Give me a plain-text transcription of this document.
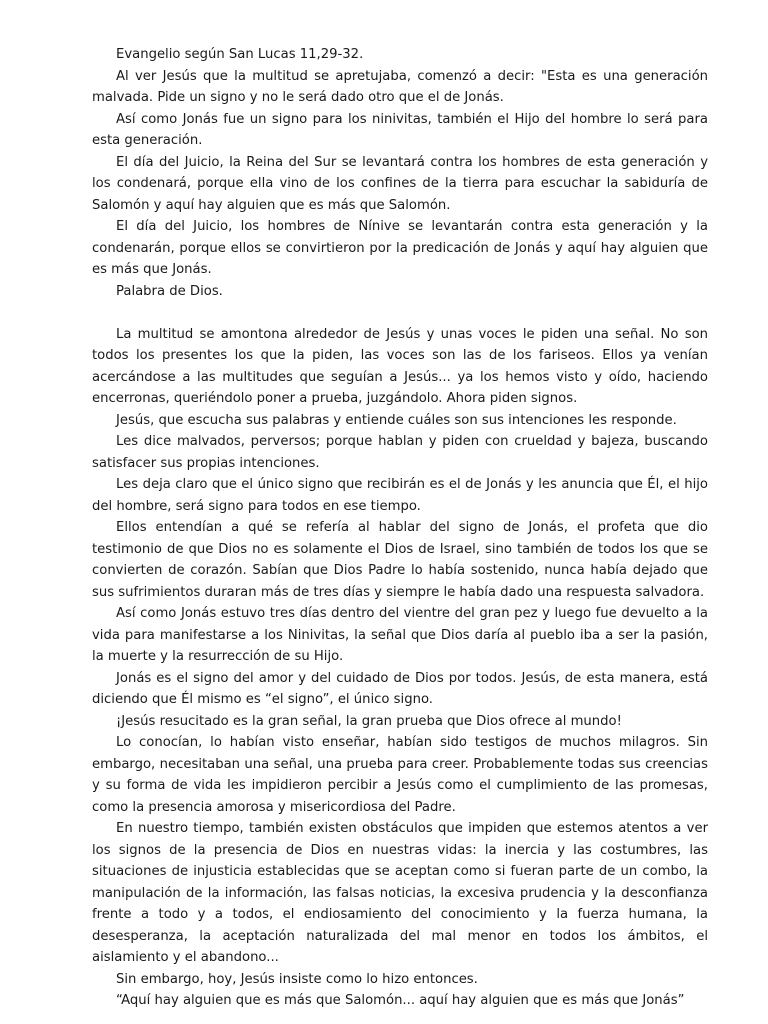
Evangelio según San Lucas 11,29-32.

Al ver Jesús que la multitud se apretujaba, comenzó a decir: "Esta es una generación malvada. Pide un signo y no le será dado otro que el de Jonás.

Así como Jonás fue un signo para los ninivitas, también el Hijo del hombre lo será para esta generación.

El día del Juicio, la Reina del Sur se levantará contra los hombres de esta generación y los condenará, porque ella vino de los confines de la tierra para escuchar la sabiduría de Salomón y aquí hay alguien que es más que Salomón.

El día del Juicio, los hombres de Nínive se levantarán contra esta generación y la condenarán, porque ellos se convirtieron por la predicación de Jonás y aquí hay alguien que es más que Jonás.

Palabra de Dios.

La multitud se amontona alrededor de Jesús y unas voces le piden una señal. No son todos los presentes los que la piden, las voces son las de los fariseos. Ellos ya venían acercándose a las multitudes que seguían a Jesús... ya los hemos visto y oído, haciendo encerronas, queriéndolo poner a prueba, juzgándolo. Ahora piden signos.

Jesús, que escucha sus palabras y entiende cuáles son sus intenciones les responde.

Les dice malvados, perversos; porque hablan y piden con crueldad y bajeza, buscando satisfacer sus propias intenciones.

Les deja claro que el único signo que recibirán es el de Jonás y les anuncia que Él, el hijo del hombre, será signo para todos en ese tiempo.

Ellos entendían a qué se refería al hablar del signo de Jonás, el profeta que dio testimonio de que Dios no es solamente el Dios de Israel, sino también de todos los que se convierten de corazón. Sabían que Dios Padre lo había sostenido, nunca había dejado que sus sufrimientos duraran más de tres días y siempre le había dado una respuesta salvadora.

Así como Jonás estuvo tres días dentro del vientre del gran pez y luego fue devuelto a la vida para manifestarse a los Ninivitas, la señal que Dios daría al pueblo iba a ser la pasión, la muerte y la resurrección de su Hijo.

Jonás es el signo del amor y del cuidado de Dios por todos. Jesús, de esta manera, está diciendo que Él mismo es “el signo”, el único signo.

¡Jesús resucitado es la gran señal, la gran prueba que Dios ofrece al mundo!

Lo conocían, lo habían visto enseñar, habían sido testigos de muchos milagros. Sin embargo, necesitaban una señal, una prueba para creer. Probablemente todas sus creencias y su forma de vida les impidieron percibir a Jesús como el cumplimiento de las promesas, como la presencia amorosa y misericordiosa del Padre.

En nuestro tiempo, también existen obstáculos que impiden que estemos atentos a ver los signos de la presencia de Dios en nuestras vidas: la inercia y las costumbres, las situaciones de injusticia establecidas que se aceptan como si fueran parte de un combo, la manipulación de la información, las falsas noticias, la excesiva prudencia y la desconfianza frente a todo y a todos, el endiosamiento del conocimiento y la fuerza humana, la desesperanza, la aceptación naturalizada del mal menor en todos los ámbitos, el aislamiento y el abandono...

Sin embargo, hoy, Jesús insiste como lo hizo entonces.

“Aquí hay alguien que es más que Salomón... aquí hay alguien que es más que Jonás”
